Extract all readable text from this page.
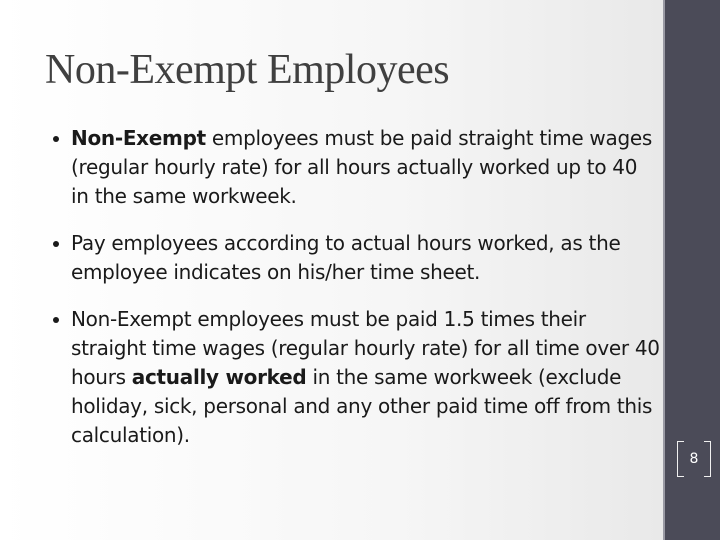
Non-Exempt Employees
Non-Exempt employees must be paid straight time wages (regular hourly rate) for all hours actually worked up to 40 in the same workweek.
Pay employees according to actual hours worked, as the employee indicates on his/her time sheet.
Non-Exempt employees must be paid 1.5 times their straight time wages (regular hourly rate) for all time over 40 hours actually worked in the same workweek (exclude holiday, sick, personal and any other paid time off from this calculation).
8
